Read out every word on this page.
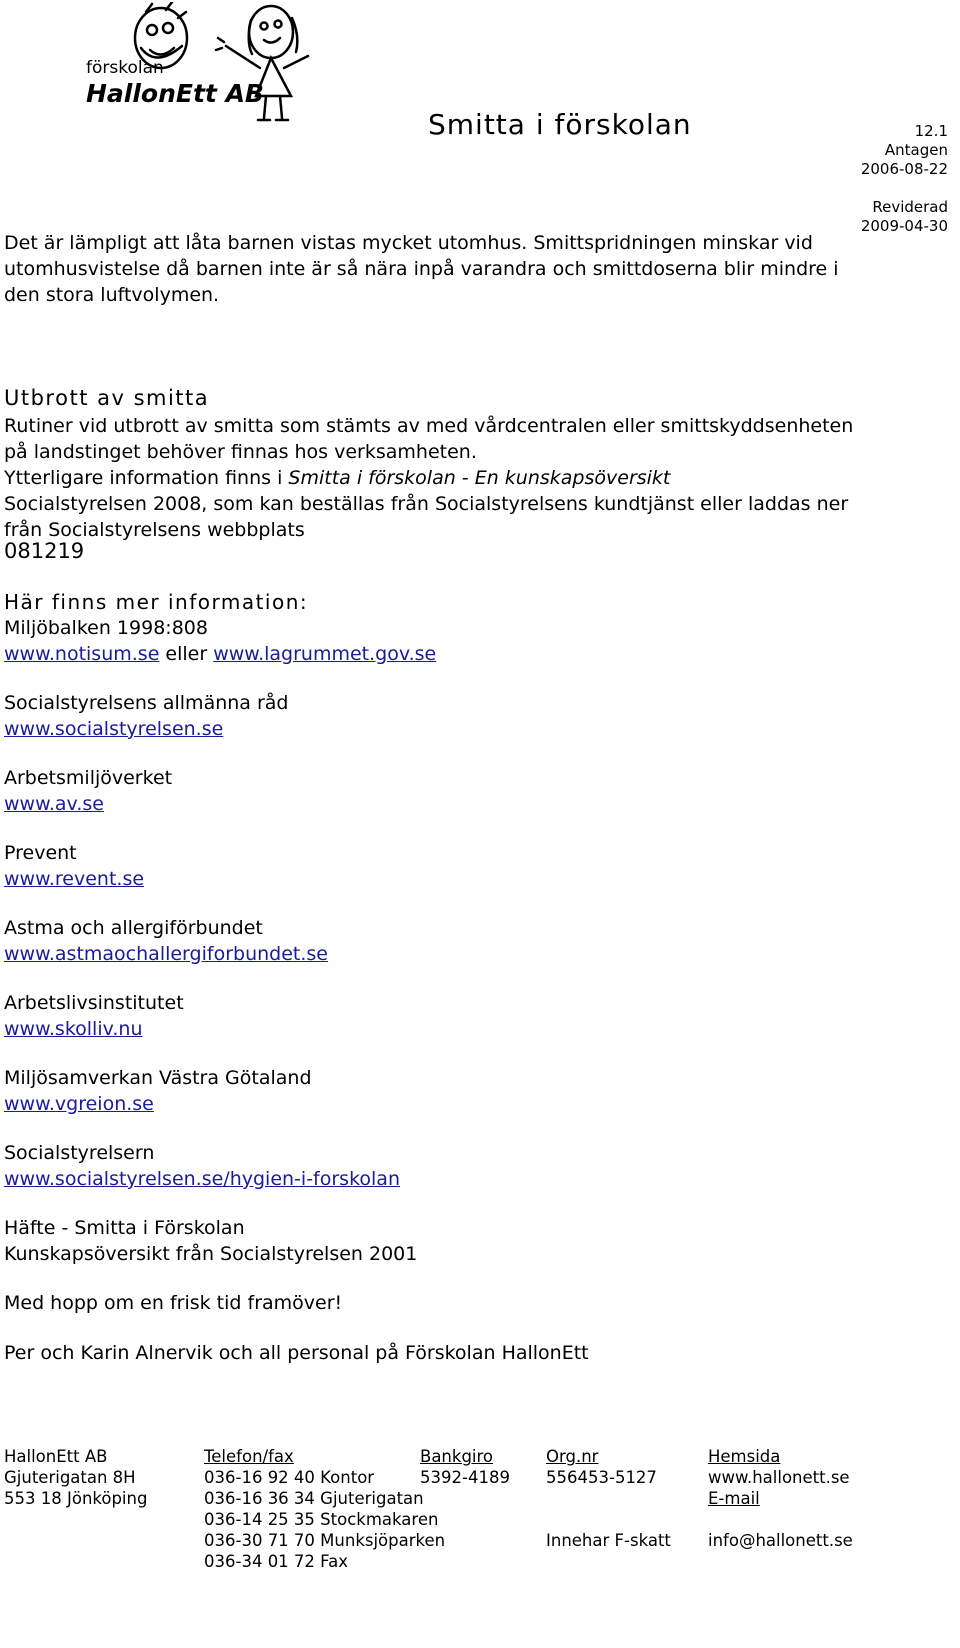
förskolan
HallonEtt AB
Smitta i förskolan	12.1
Antagen
2006-08-22
Reviderad
2009-04-30
Det är lämpligt att låta barnen vistas mycket utomhus. Smittspridningen minskar vid
utomhusvistelse då barnen inte är så nära inpå varandra och smittdoserna blir mindre i
den stora luftvolymen.
Utbrott av smitta
Rutiner vid utbrott av smitta som stämts av med vårdcentralen eller smittskyddsenheten
på landstinget behöver finnas hos verksamheten.
Ytterligare information finns i Smitta i förskolan - En kunskapsöversikt
Socialstyrelsen 2008, som kan beställas från Socialstyrelsens kundtjänst eller laddas ner
från Socialstyrelsens webbplats
081219
Här finns mer information:
Miljöbalken 1998:808
www.notisum.se eller www.lagrummet.gov.se
Socialstyrelsens allmänna råd
www.socialstyrelsen.se
Arbetsmiljöverket
www.av.se
Prevent
www.revent.se
Astma och allergiförbundet
www.astmaochallergiforbundet.se
Arbetslivsinstitutet
www.skolliv.nu
Miljösamverkan Västra Götaland
www.vgreion.se
Socialstyrelsern
www.socialstyrelsen.se/hygien-i-forskolan
Häfte - Smitta i Förskolan
Kunskapsöversikt från Socialstyrelsen 2001
Med hopp om en frisk tid framöver!
Per och Karin Alnervik och all personal på Förskolan HallonEtt
HallonEtt AB
Gjuterigatan 8H
553 18 Jönköping
Telefon/fax
036-16 92 40 Kontor
036-16 36 34 Gjuterigatan
036-14 25 35 Stockmakaren
036-30 71 70 Munksjöparken
036-34 01 72 Fax
Bankgiro
5392-4189
Org.nr
556453-5127
Innehar F-skatt
Hemsida
www.hallonett.se
E-mail
info@hallonett.se
